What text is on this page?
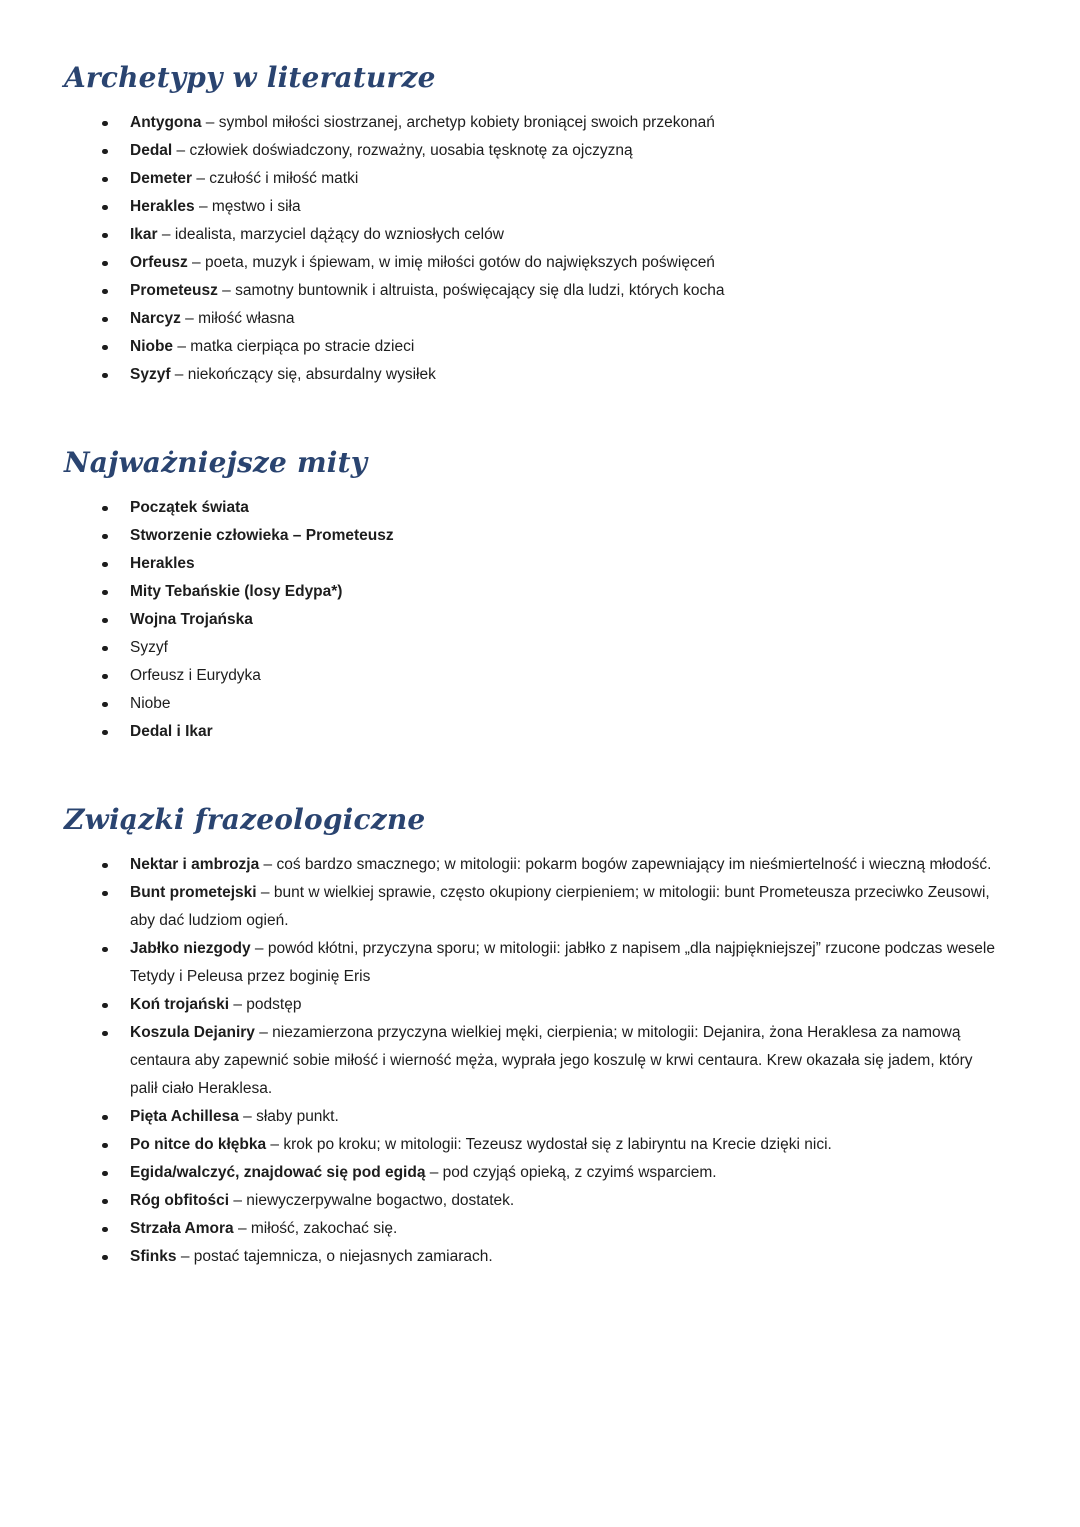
Archetypy w literaturze
Antygona – symbol miłości siostrzanej, archetyp kobiety broniącej swoich przekonań
Dedal – człowiek doświadczony, rozważny, uosabia tęsknotę za ojczyzną
Demeter – czułość i miłość matki
Herakles – męstwo i siła
Ikar – idealista, marzyciel dążący do wzniosłych celów
Orfeusz – poeta, muzyk i śpiewam, w imię miłości gotów do największych poświęceń
Prometeusz – samotny buntownik i altruista, poświęcający się dla ludzi, których kocha
Narcyz – miłość własna
Niobe – matka cierpiąca po stracie dzieci
Syzyf – niekończący się, absurdalny wysiłek
Najważniejsze mity
Początek świata
Stworzenie człowieka – Prometeusz
Herakles
Mity Tebańskie (losy Edypa*)
Wojna Trojańska
Syzyf
Orfeusz i Eurydyka
Niobe
Dedal i Ikar
Związki frazeologiczne
Nektar i ambrozja – coś bardzo smacznego; w mitologii: pokarm bogów zapewniający im nieśmiertelność i wieczną młodość.
Bunt prometejski – bunt w wielkiej sprawie, często okupiony cierpieniem; w mitologii: bunt Prometeusza przeciwko Zeusowi, aby dać ludziom ogień.
Jabłko niezgody – powód kłótni, przyczyna sporu; w mitologii: jabłko z napisem „dla najpiękniejszej” rzucone podczas wesele Tetydy i Peleusa przez boginię Eris
Koń trojański – podstęp
Koszula Dejaniry – niezamierzona przyczyna wielkiej męki, cierpienia; w mitologii: Dejanira, żona Heraklesa za namową centaura aby zapewnić sobie miłość i wierność męża, wyprała jego koszulę w krwi centaura. Krew okazała się jadem, który palił ciało Heraklesa.
Pięta Achillesa – słaby punkt.
Po nitce do kłębka – krok po kroku; w mitologii: Tezeusz wydostał się z labiryntu na Krecie dzięki nici.
Egida/walczyć, znajdować się pod egidą – pod czyjąś opieką, z czyimś wsparciem.
Róg obfitości – niewyczerpywalne bogactwo, dostatek.
Strzała Amora – miłość, zakochać się.
Sfinks – postać tajemnicza, o niejasnych zamiarach.
